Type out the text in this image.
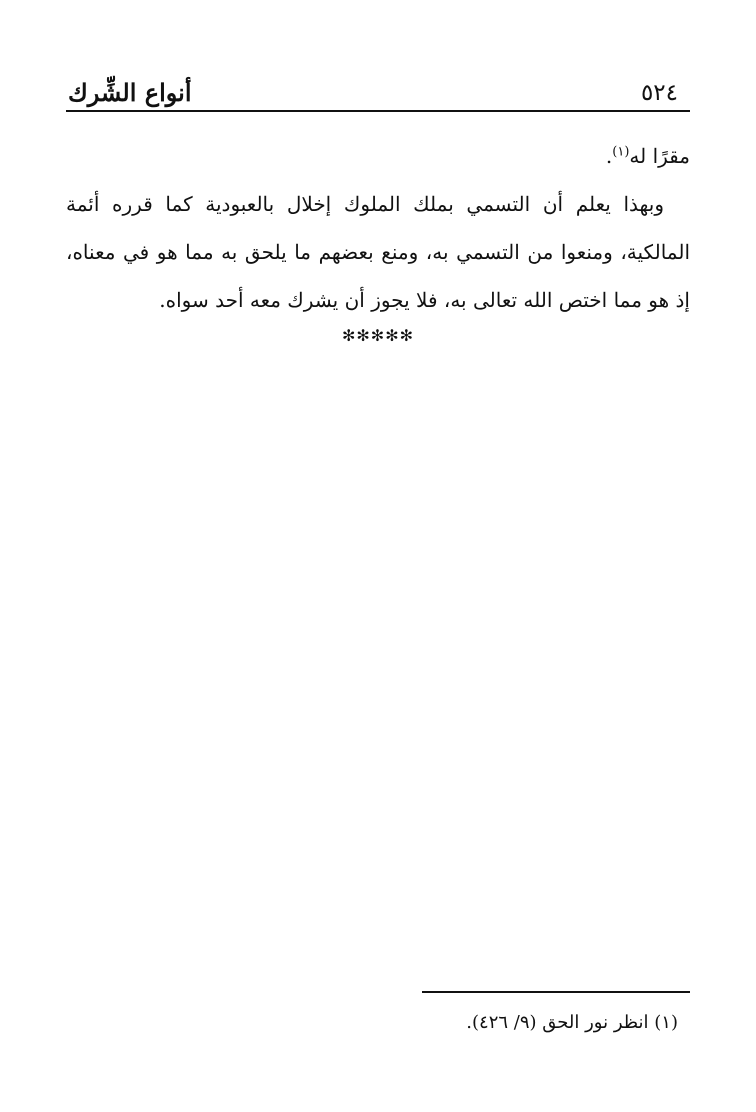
٥٢٤
أنواع الشِّرك

مقرًا له$^{(١)}$.

وبهذا يعلم أن التسمي بملك الملوك إخلال بالعبودية كما قرره أئمة المالكية، ومنعوا من التسمي به، ومنع بعضهم ما يلحق به مما هو في معناه، إذ هو مما اختص الله تعالى به، فلا يجوز أن يشرك معه أحد سواه.

✻✻✻✻✻
(١) انظر نور الحق (٩/ ٤٢٦).
